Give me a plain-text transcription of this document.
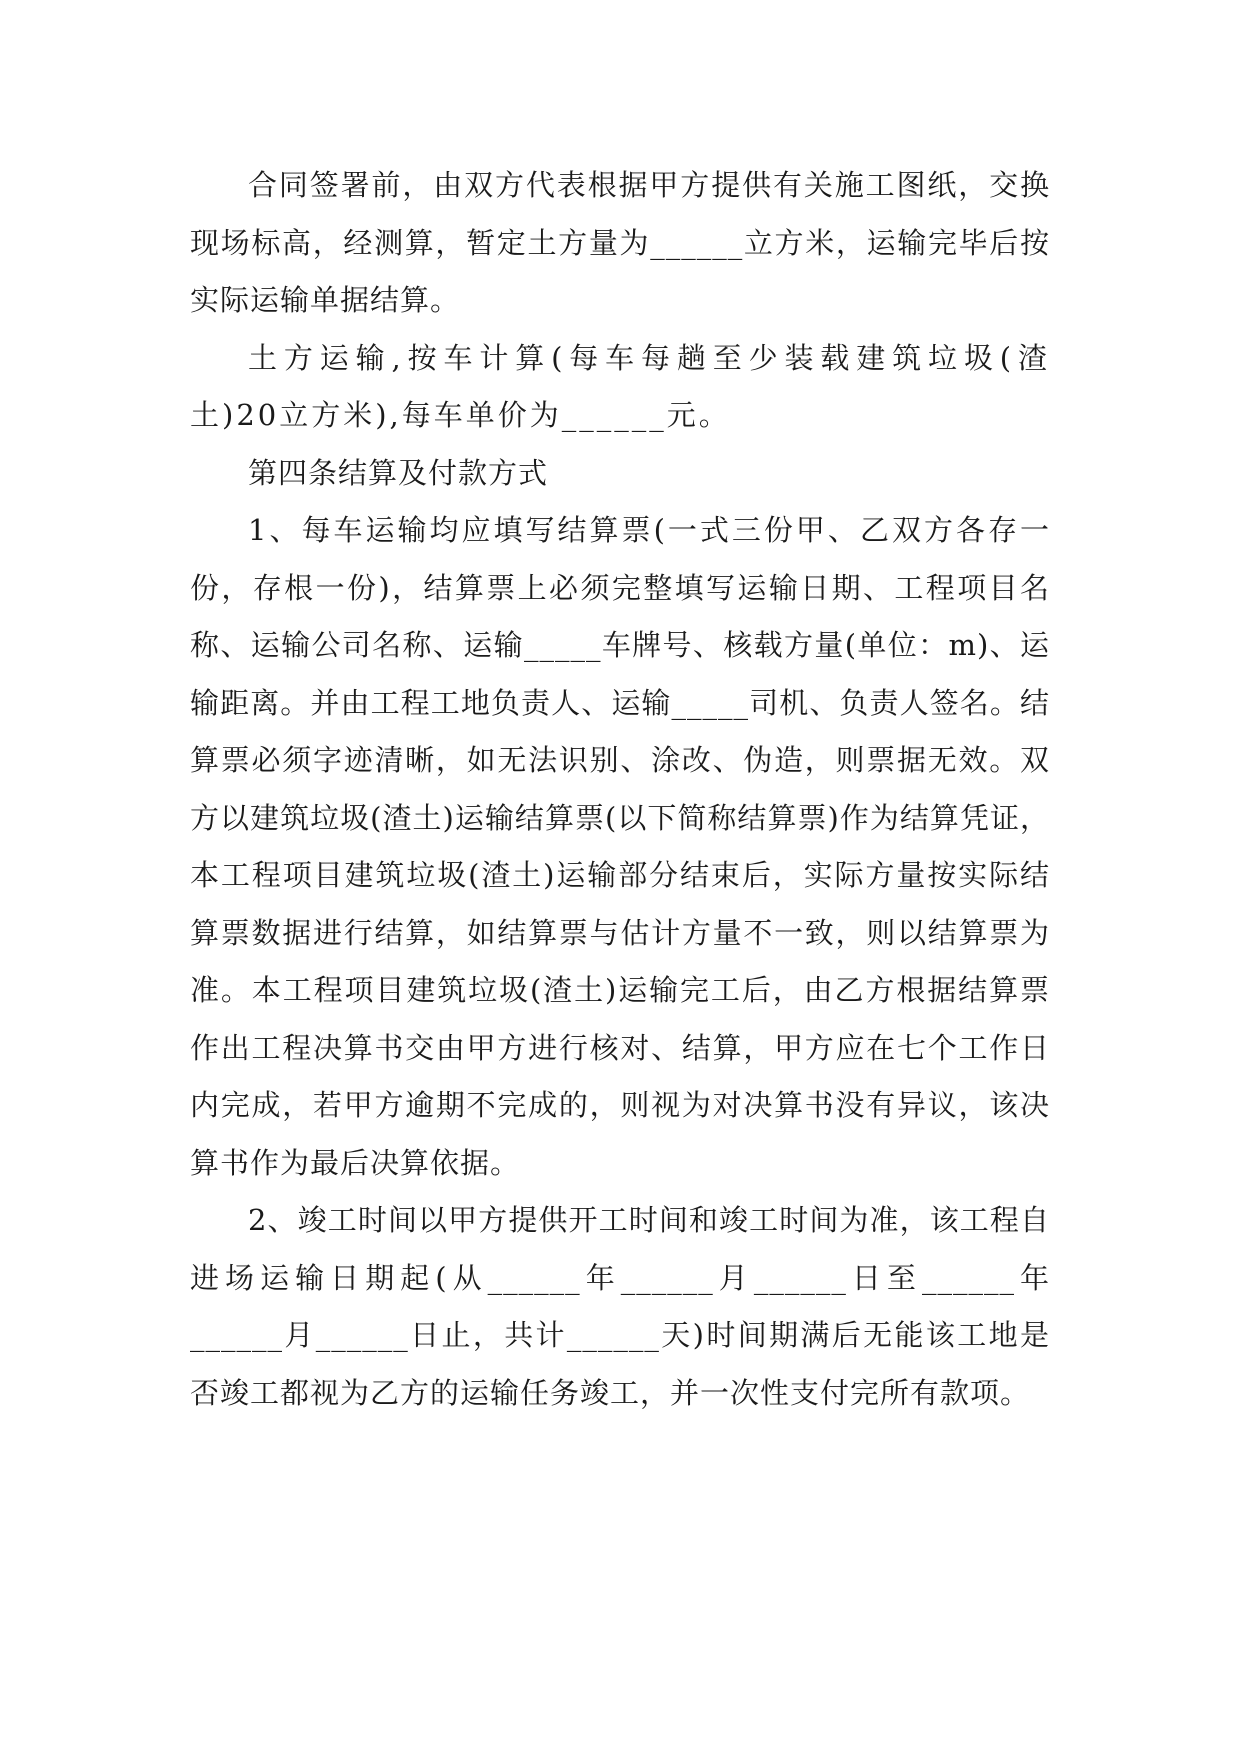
合同签署前，由双方代表根据甲方提供有关施工图纸，交换现场标高，经测算，暂定土方量为______立方米，运输完毕后按实际运输单据结算。

土方运输,按车计算(每车每趟至少装载建筑垃圾(渣土)20立方米),每车单价为______元。

第四条结算及付款方式

1、每车运输均应填写结算票(一式三份甲、乙双方各存一份，存根一份)，结算票上必须完整填写运输日期、工程项目名称、运输公司名称、运输_____车牌号、核载方量(单位：m)、运输距离。并由工程工地负责人、运输_____司机、负责人签名。结算票必须字迹清晰，如无法识别、涂改、伪造，则票据无效。双方以建筑垃圾(渣土)运输结算票(以下简称结算票)作为结算凭证，本工程项目建筑垃圾(渣土)运输部分结束后，实际方量按实际结算票数据进行结算，如结算票与估计方量不一致，则以结算票为准。本工程项目建筑垃圾(渣土)运输完工后，由乙方根据结算票作出工程决算书交由甲方进行核对、结算，甲方应在七个工作日内完成，若甲方逾期不完成的，则视为对决算书没有异议，该决算书作为最后决算依据。

2、竣工时间以甲方提供开工时间和竣工时间为准，该工程自进场运输日期起(从______年______月______日至______年______月______日止，共计______天)时间期满后无能该工地是否竣工都视为乙方的运输任务竣工，并一次性支付完所有款项。
